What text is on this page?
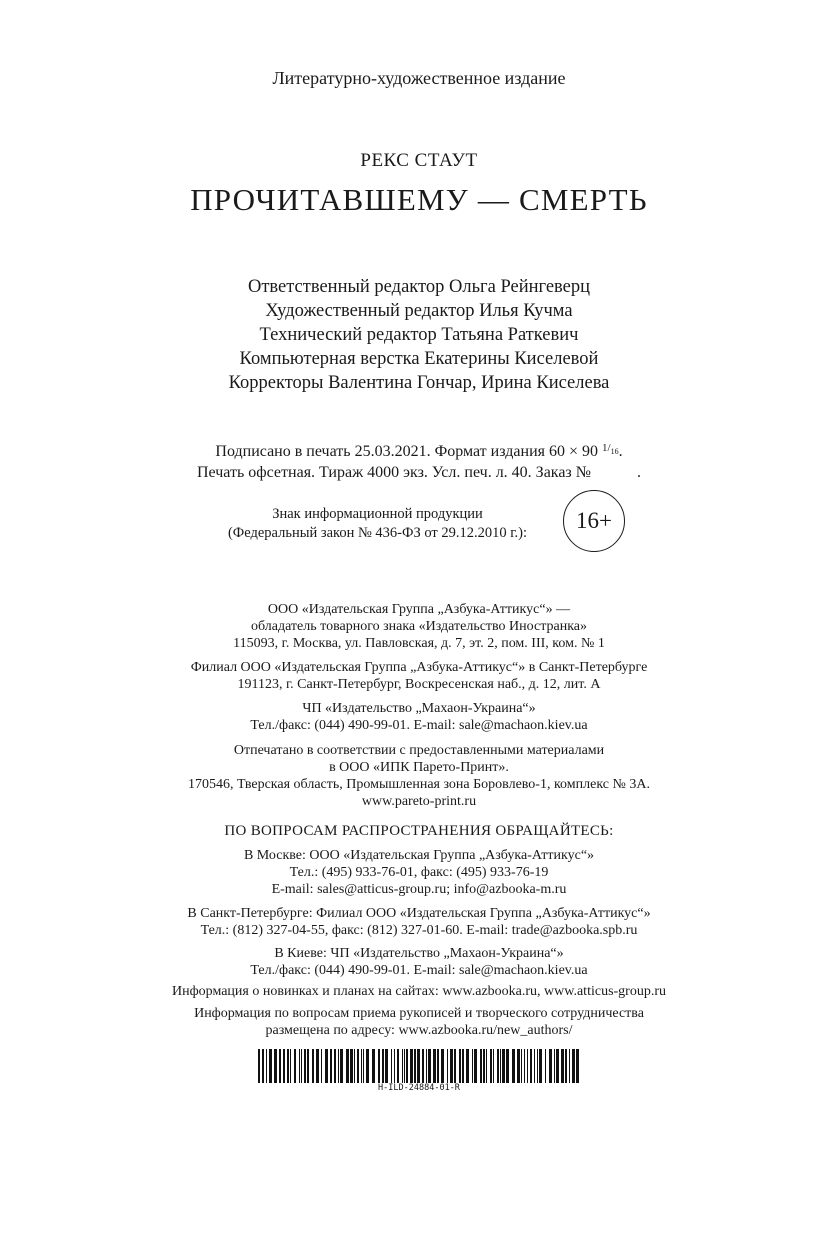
Литературно-художественное издание
РЕКС СТАУТ
ПРОЧИТАВШЕМУ — СМЕРТЬ
Ответственный редактор Ольга Рейнгеверц
Художественный редактор Илья Кучма
Технический редактор Татьяна Раткевич
Компьютерная верстка Екатерины Киселевой
Корректоры Валентина Гончар, Ирина Киселева
Подписано в печать 25.03.2021. Формат издания 60 × 90 $^{1/_{16}}$.
Печать офсетная. Тираж 4000 экз. Усл. печ. л. 40. Заказ №	.
Знак информационной продукции
(Федеральный закон № 436-ФЗ от 29.12.2010 г.):	16+
ООО «Издательская Группа „Азбука-Аттикус“» —
обладатель товарного знака «Издательство Иностранка»
115093, г. Москва, ул. Павловская, д. 7, эт. 2, пом. III, ком. № 1
Филиал ООО «Издательская Группа „Азбука-Аттикус“» в Санкт-Петербурге
191123, г. Санкт-Петербург, Воскресенская наб., д. 12, лит. А
ЧП «Издательство „Махаон-Украина“»
Тел./факс: (044) 490-99-01. E-mail: sale@machaon.kiev.ua
Отпечатано в соответствии с предоставленными материалами
в ООО «ИПК Парето-Принт».
170546, Тверская область, Промышленная зона Боровлево-1, комплекс № 3А.
www.pareto-print.ru
ПО ВОПРОСАМ РАСПРОСТРАНЕНИЯ ОБРАЩАЙТЕСЬ:
В Москве: ООО «Издательская Группа „Азбука-Аттикус“»
Тел.: (495) 933-76-01, факс: (495) 933-76-19
E-mail: sales@atticus-group.ru; info@azbooka-m.ru
В Санкт-Петербурге: Филиал ООО «Издательская Группа „Азбука-Аттикус“»
Тел.: (812) 327-04-55, факс: (812) 327-01-60. E-mail: trade@azbooka.spb.ru
В Киеве: ЧП «Издательство „Махаон-Украина“»
Тел./факс: (044) 490-99-01. E-mail: sale@machaon.kiev.ua
Информация о новинках и планах на сайтах: www.azbooka.ru, www.atticus-group.ru
Информация по вопросам приема рукописей и творческого сотрудничества
размещена по адресу: www.azbooka.ru/new_authors/
H-ILD-24884-01-R
